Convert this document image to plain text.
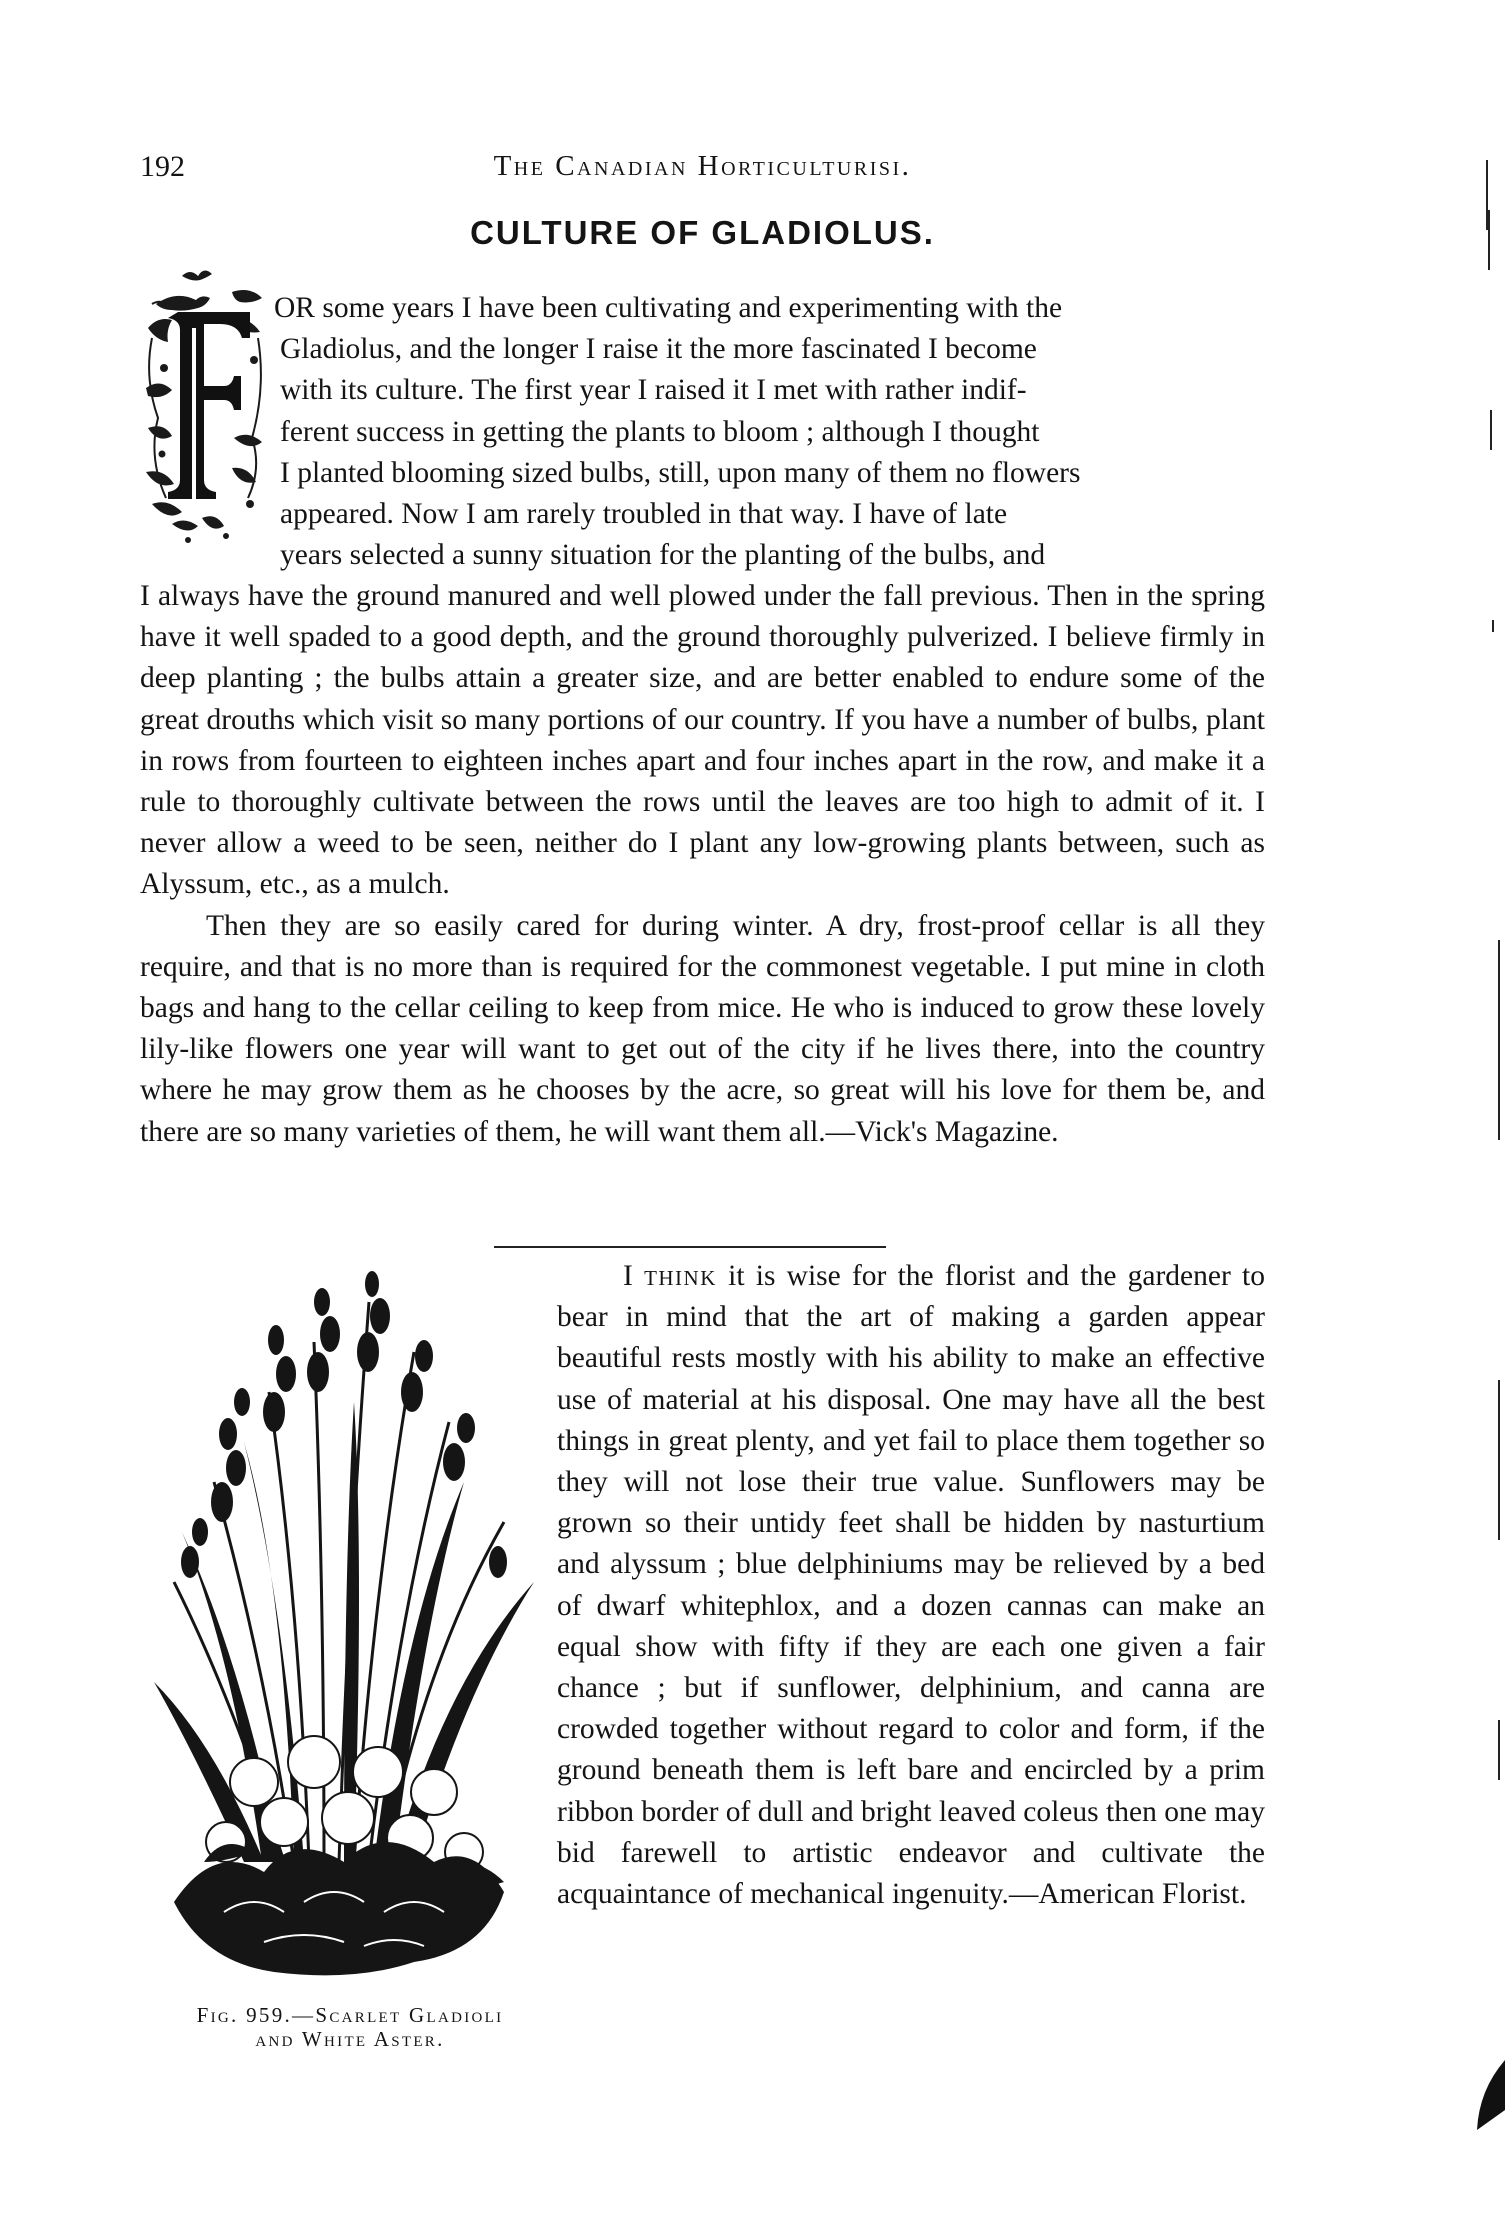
192	The Canadian Horticulturisi.
CULTURE OF GLADIOLUS.

OR some years I have been cultivating and experimenting with the

Gladiolus, and the longer I raise it the more fascinated I become

with its culture. The first year I raised it I met with rather indif-

ferent success in getting the plants to bloom ; although I thought

I planted blooming sized bulbs, still, upon many of them no flowers

appeared. Now I am rarely troubled in that way. I have of late

years selected a sunny situation for the planting of the bulbs, and

I always have the ground manured and well plowed under the fall previous. Then in the spring have it well spaded to a good depth, and the ground thoroughly pulverized. I believe firmly in deep planting ; the bulbs attain a greater size, and are better enabled to endure some of the great drouths which visit so many portions of our country. If you have a number of bulbs, plant in rows from fourteen to eighteen inches apart and four inches apart in the row, and make it a rule to thoroughly cultivate between the rows until the leaves are too high to admit of it. I never allow a weed to be seen, neither do I plant any low-growing plants between, such as Alyssum, etc., as a mulch.

Then they are so easily cared for during winter. A dry, frost-proof cellar is all they require, and that is no more than is required for the commonest vegetable. I put mine in cloth bags and hang to the cellar ceiling to keep from mice. He who is induced to grow these lovely lily-like flowers one year will want to get out of the city if he lives there, into the country where he may grow them as he chooses by the acre, so great will his love for them be, and there are so many varieties of them, he will want them all.—Vick's Magazine.

Fig. 959.—Scarlet Gladioli
and White Aster.

I think it is wise for the florist and the gardener to bear in mind that the art of making a garden appear beautiful rests mostly with his ability to make an effective use of material at his disposal. One may have all the best things in great plenty, and yet fail to place them together so they will not lose their true value. Sunflowers may be grown so their untidy feet shall be hidden by nasturtium and alyssum ; blue delphiniums may be relieved by a bed of dwarf whitephlox, and a dozen cannas can make an equal show with fifty if they are each one given a fair chance ; but if sunflower, delphinium, and canna are crowded together without regard to color and form, if the ground beneath them is left bare and encircled by a prim ribbon border of dull and bright leaved coleus then one may bid farewell to artistic endeavor and cultivate the acquaintance of mechanical ingenuity.—American Florist.
